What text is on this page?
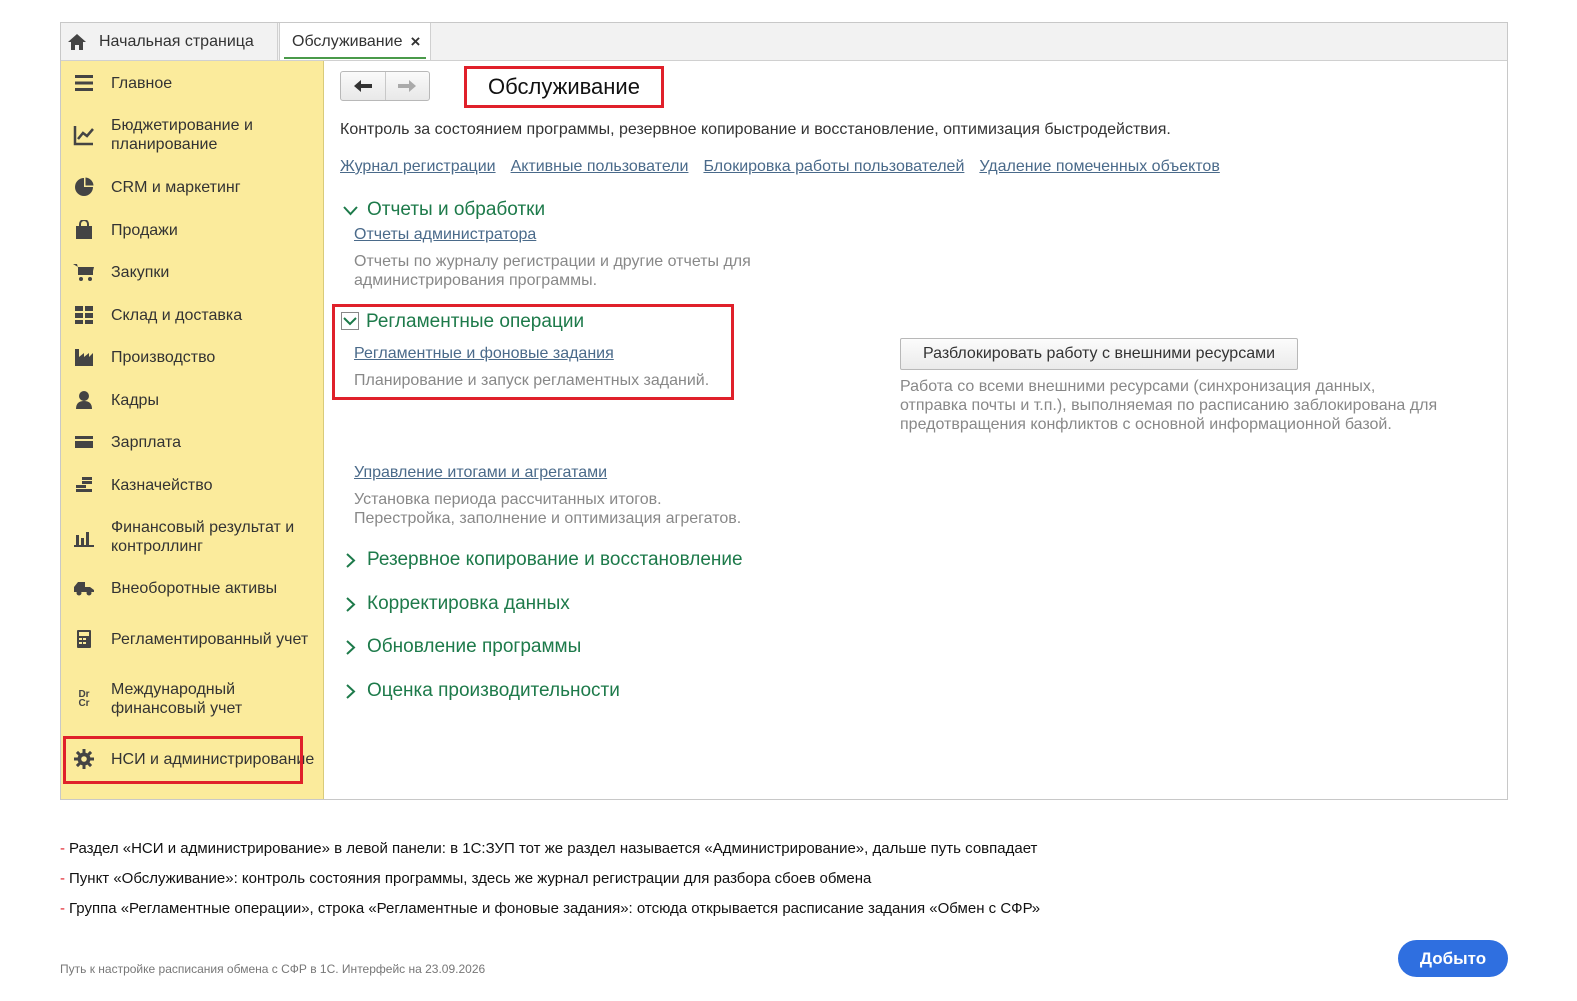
Начальная страница Обслуживание ×
Главное
Бюджетирование и планирование
CRM и маркетинг
Продажи
Закупки
Склад и доставка
Производство
Кадры
Зарплата
Казначейство
Финансовый результат и контроллинг
Внеоборотные активы
Регламентированный учет
Dr Cr
Международный финансовый учет
НСИ и администрирование
Обслуживание
Контроль за состоянием программы, резервное копирование и восстановление, оптимизация быстродействия.
Журнал регистрации Активные пользователи Блокировка работы пользователей Удаление помеченных объектов
Отчеты и обработки
Отчеты администратора
Отчеты по журналу регистрации и другие отчеты для администрирования программы.
Регламентные операции
Регламентные и фоновые задания
Планирование и запуск регламентных заданий.
Разблокировать работу с внешними ресурсами
Работа со всеми внешними ресурсами (синхронизация данных, отправка почты и т.п.), выполняемая по расписанию заблокирована для предотвращения конфликтов с основной информационной базой.
Управление итогами и агрегатами
Установка периода рассчитанных итогов. Перестройка, заполнение и оптимизация агрегатов.
Резервное копирование и восстановление
Корректировка данных
Обновление программы
Оценка производительности
- Раздел «НСИ и администрирование» в левой панели: в 1С:ЗУП тот же раздел называется «Администрирование», дальше путь совпадает
- Пункт «Обслуживание»: контроль состояния программы, здесь же журнал регистрации для разбора сбоев обмена
- Группа «Регламентные операции», строка «Регламентные и фоновые задания»: отсюда открывается расписание задания «Обмен с СФР»
Путь к настройке расписания обмена с СФР в 1С. Интерфейс на 23.09.2026
Добыто
